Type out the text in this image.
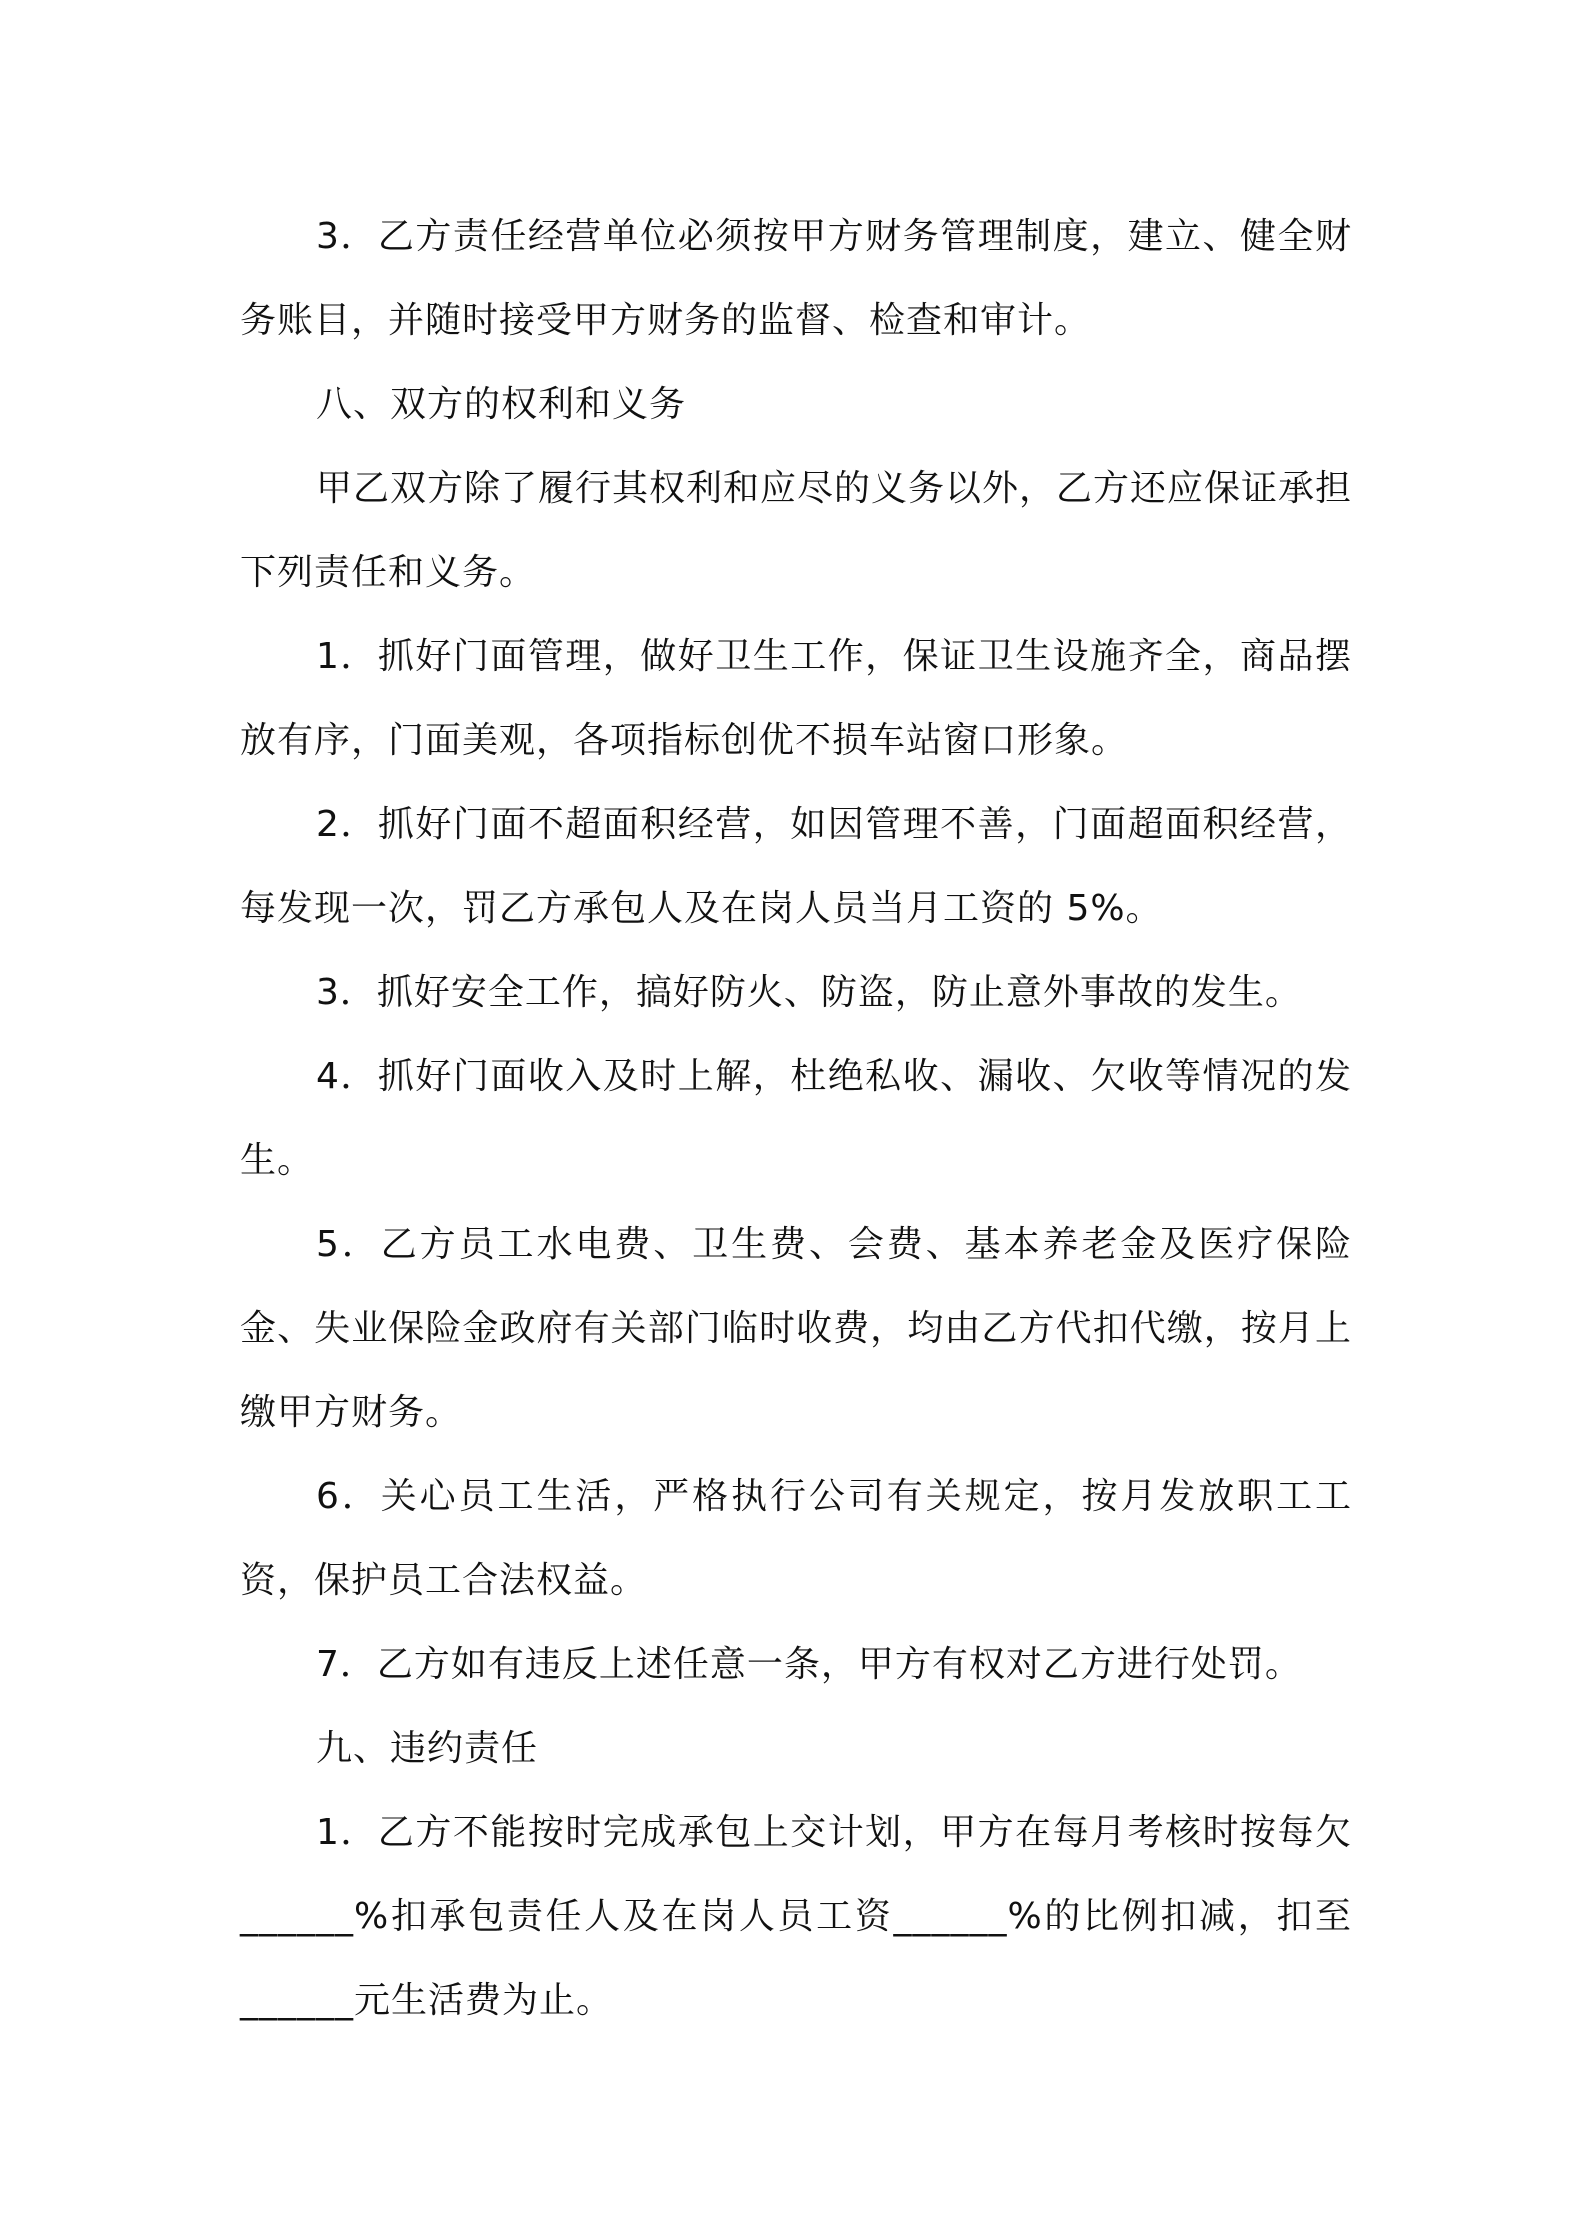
3．乙方责任经营单位必须按甲方财务管理制度，建立、健全财务账目，并随时接受甲方财务的监督、检查和审计。

八、双方的权利和义务

甲乙双方除了履行其权利和应尽的义务以外，乙方还应保证承担下列责任和义务。

1．抓好门面管理，做好卫生工作，保证卫生设施齐全，商品摆放有序，门面美观，各项指标创优不损车站窗口形象。

2．抓好门面不超面积经营，如因管理不善，门面超面积经营，每发现一次，罚乙方承包人及在岗人员当月工资的 5%。

3．抓好安全工作，搞好防火、防盗，防止意外事故的发生。

4．抓好门面收入及时上解，杜绝私收、漏收、欠收等情况的发生。

5．乙方员工水电费、卫生费、会费、基本养老金及医疗保险金、失业保险金政府有关部门临时收费，均由乙方代扣代缴，按月上缴甲方财务。

6．关心员工生活，严格执行公司有关规定，按月发放职工工资，保护员工合法权益。

7．乙方如有违反上述任意一条，甲方有权对乙方进行处罚。

九、违约责任

1．乙方不能按时完成承包上交计划，甲方在每月考核时按每欠______%扣承包责任人及在岗人员工资______%的比例扣减，扣至______元生活费为止。
